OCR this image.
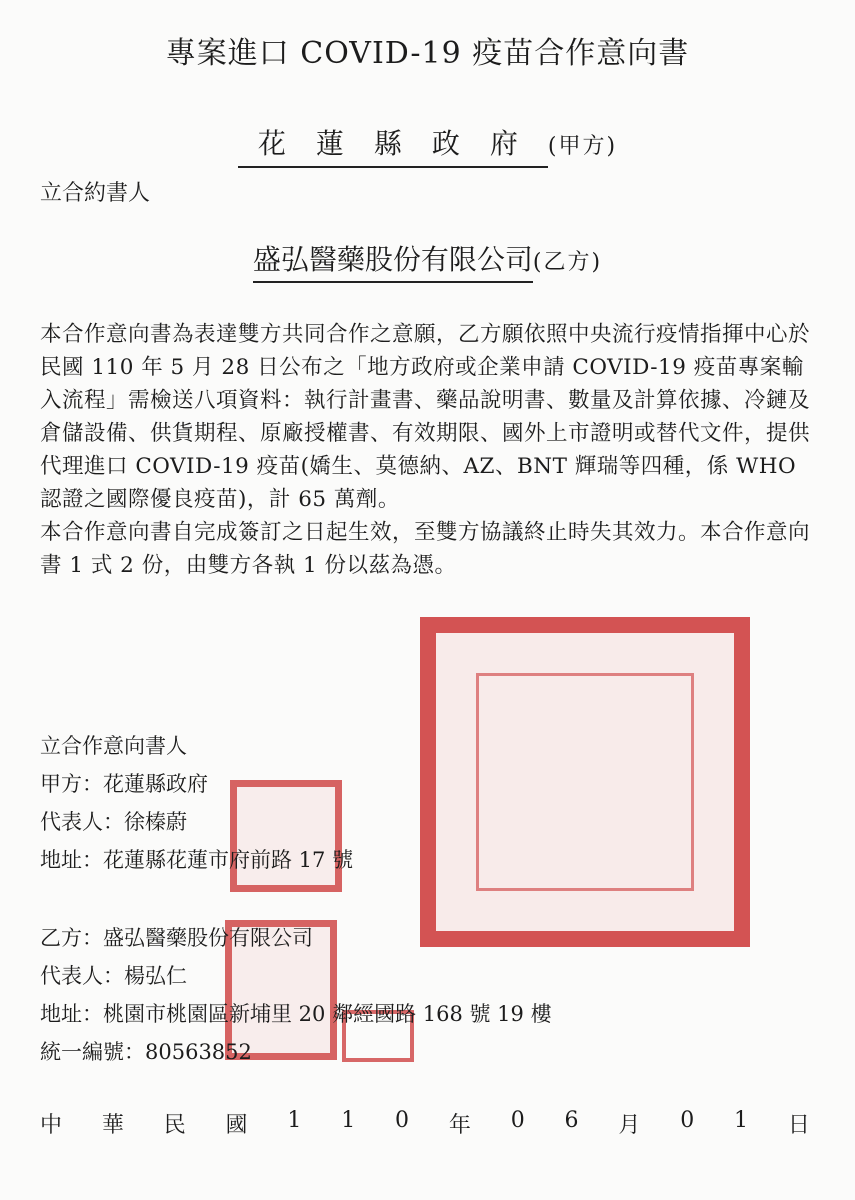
專案進口 COVID-19 疫苗合作意向書
花蓮縣政府(甲方)
立合約書人
盛弘醫藥股份有限公司(乙方)

本合作意向書為表達雙方共同合作之意願，乙方願依照中央流行疫情指揮中心於民國 110 年 5 月 28 日公布之「地方政府或企業申請 COVID-19 疫苗專案輸入流程」需檢送八項資料：執行計畫書、藥品說明書、數量及計算依據、冷鏈及倉儲設備、供貨期程、原廠授權書、有效期限、國外上市證明或替代文件，提供代理進口 COVID-19 疫苗(嬌生、莫德納、AZ、BNT 輝瑞等四種，係 WHO 認證之國際優良疫苗)，計 65 萬劑。

本合作意向書自完成簽訂之日起生效，至雙方協議終止時失其效力。本合作意向書 1 式 2 份，由雙方各執 1 份以茲為憑。

立合作意向書人
甲方：花蓮縣政府
代表人：徐榛蔚
地址：花蓮縣花蓮市府前路 17 號
乙方：盛弘醫藥股份有限公司
代表人：楊弘仁
地址：桃園市桃園區新埔里 20 鄰經國路 168 號 19 樓
統一編號：80563852
中 華 民 國 1 1 0 年 0 6 月 0 1 日
